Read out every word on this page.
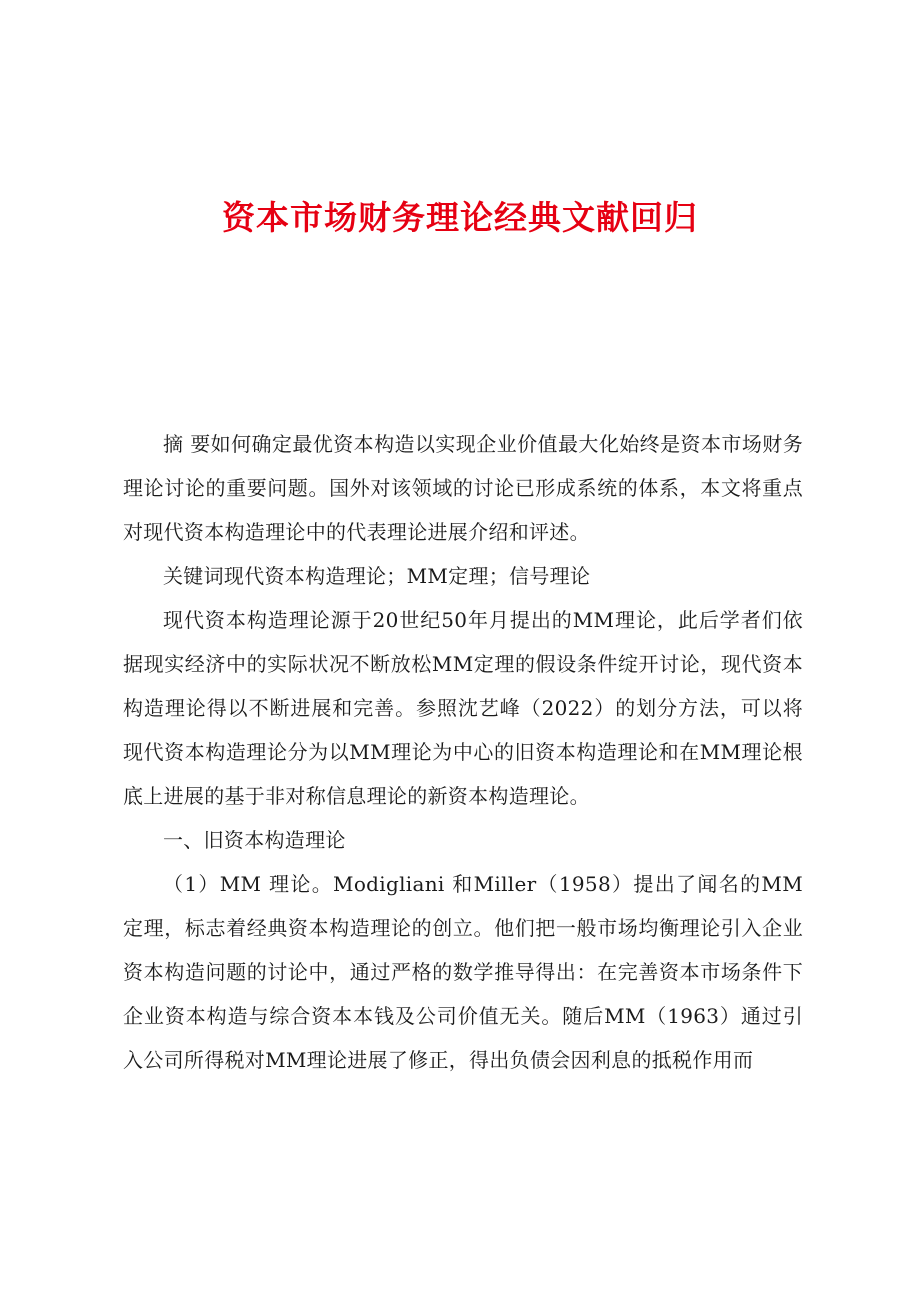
资本市场财务理论经典文献回归

摘 要如何确定最优资本构造以实现企业价值最大化始终是资本市场财务理论讨论的重要问题。国外对该领域的讨论已形成系统的体系，本文将重点对现代资本构造理论中的代表理论进展介绍和评述。

关键词现代资本构造理论；MM定理；信号理论

现代资本构造理论源于20世纪50年月提出的MM理论，此后学者们依据现实经济中的实际状况不断放松MM定理的假设条件绽开讨论，现代资本构造理论得以不断进展和完善。参照沈艺峰（2022）的划分方法，可以将现代资本构造理论分为以MM理论为中心的旧资本构造理论和在MM理论根底上进展的基于非对称信息理论的新资本构造理论。

一、旧资本构造理论

（1）MM 理论。Modigliani 和Miller（1958）提出了闻名的MM定理，标志着经典资本构造理论的创立。他们把一般市场均衡理论引入企业资本构造问题的讨论中，通过严格的数学推导得出：在完善资本市场条件下企业资本构造与综合资本本钱及公司价值无关。随后MM（1963）通过引入公司所得税对MM理论进展了修正，得出负债会因利息的抵税作用而
